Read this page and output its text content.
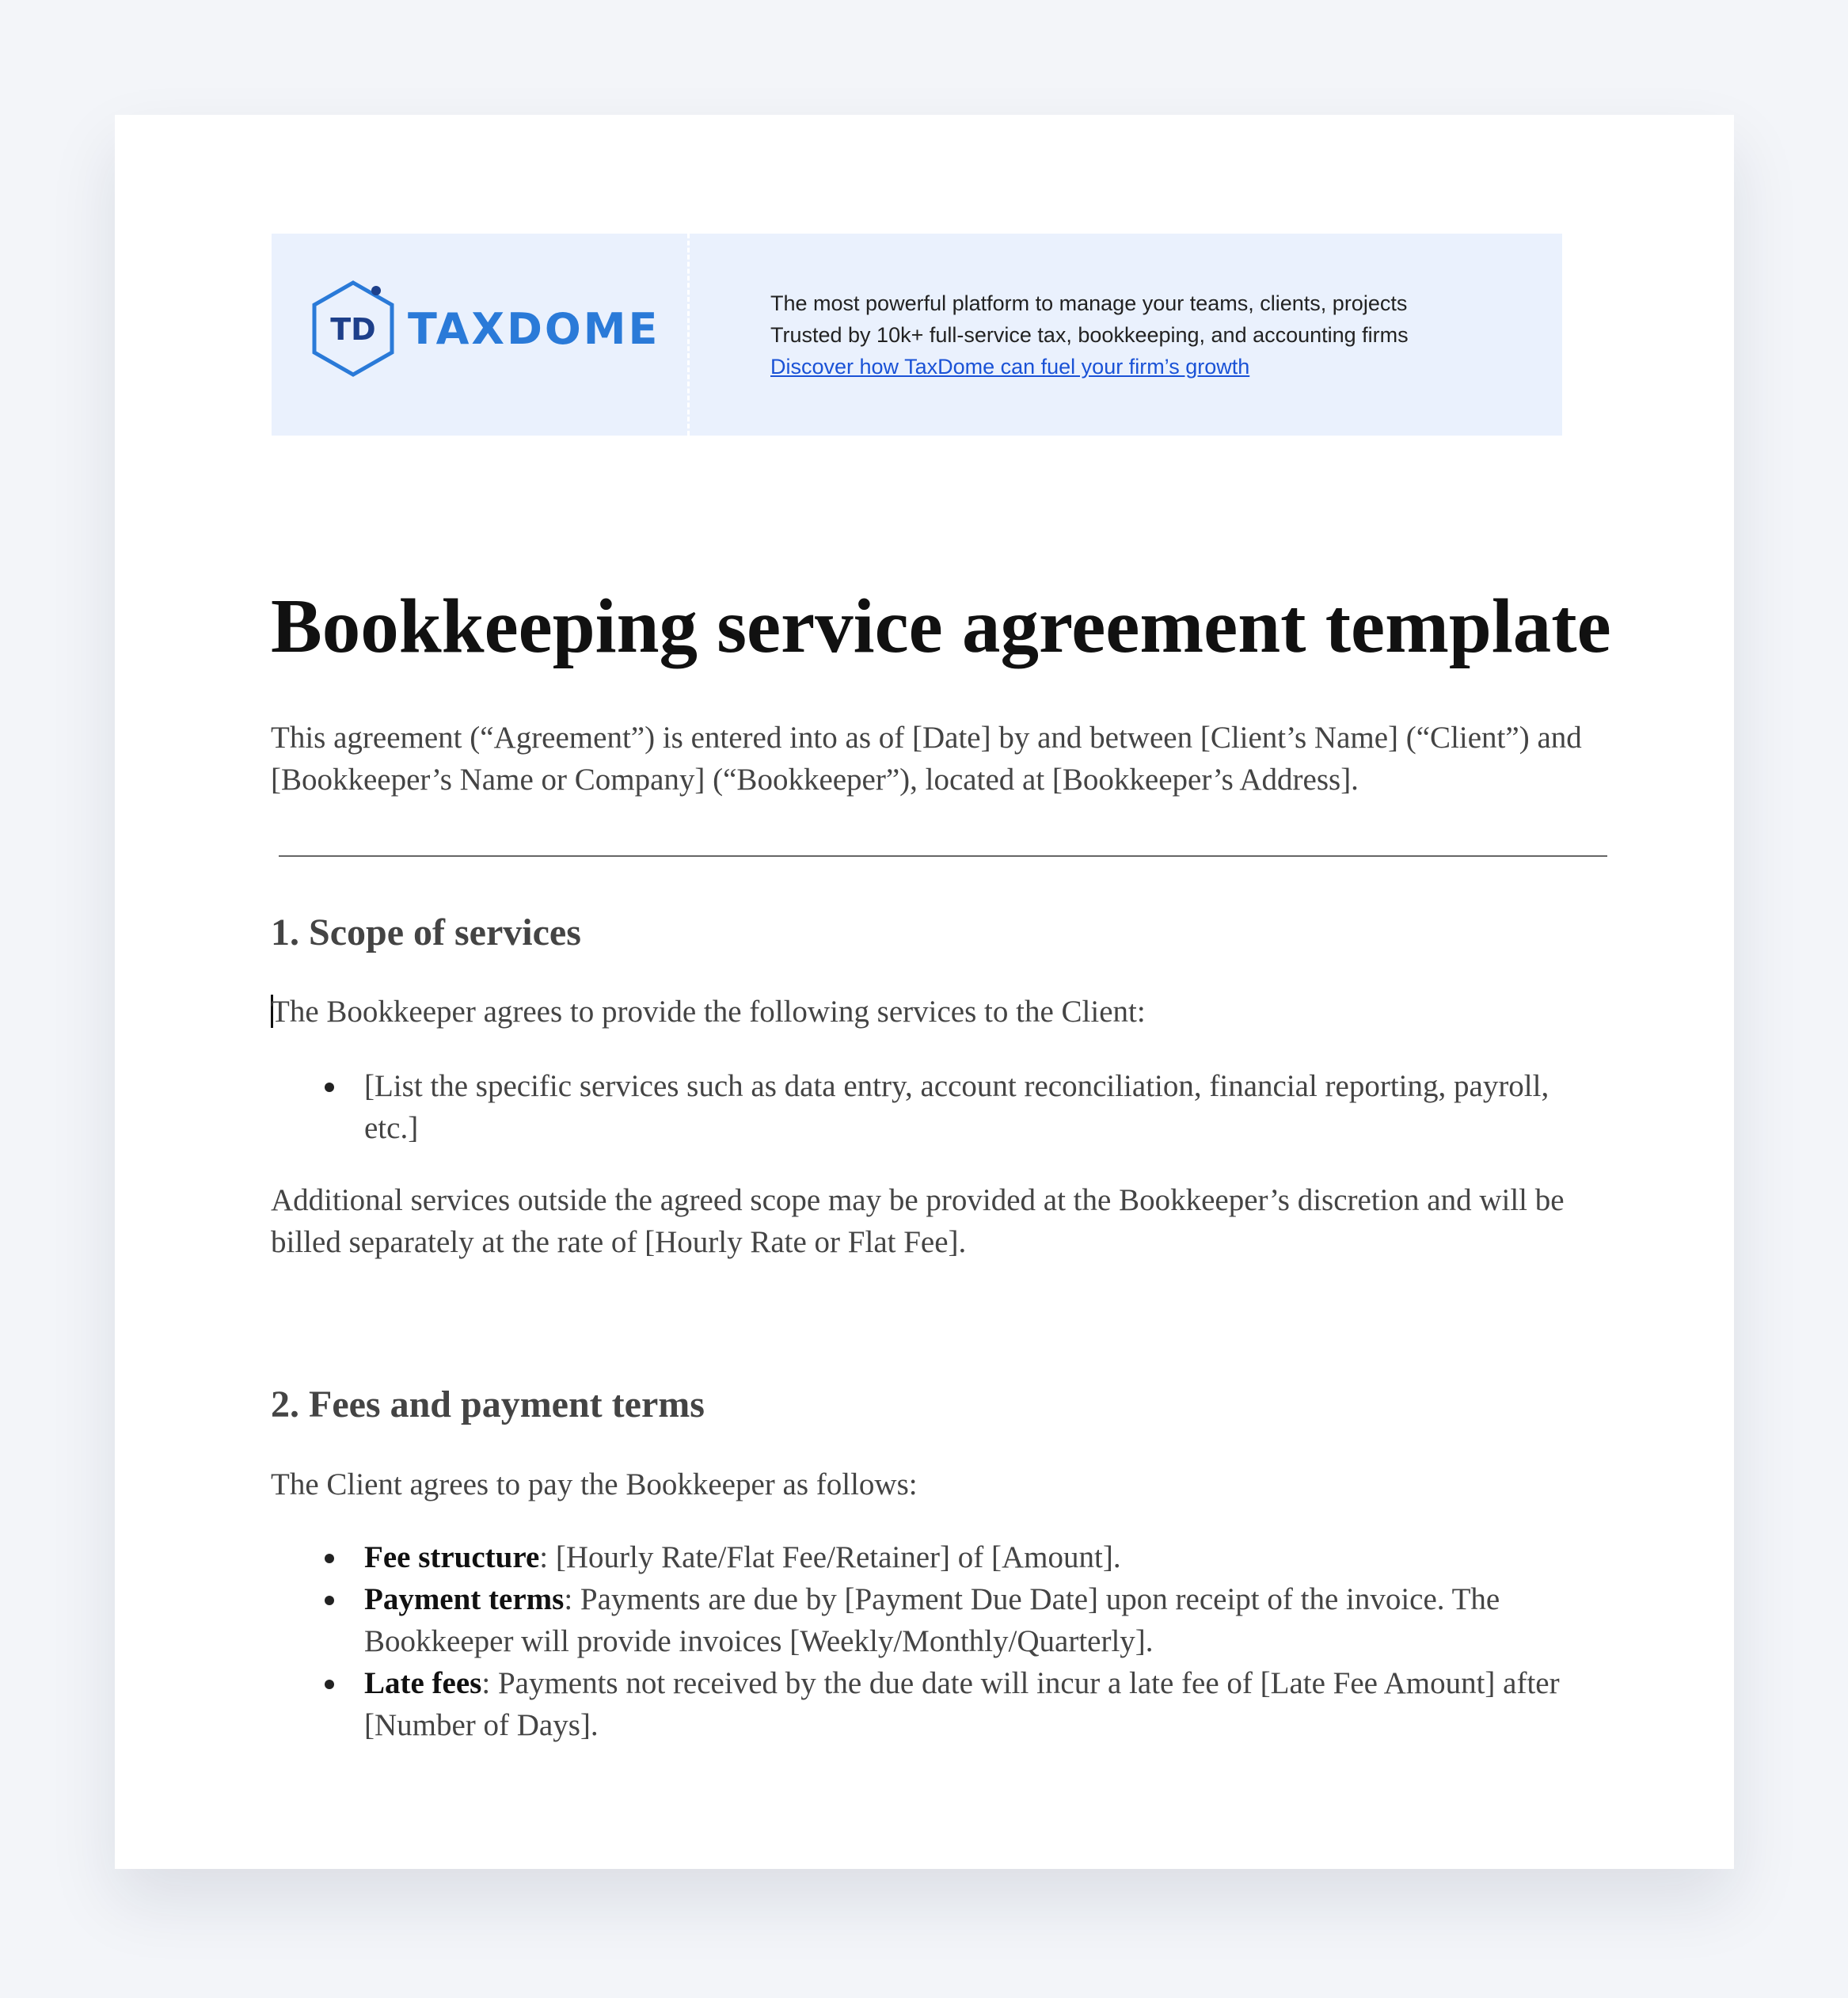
TD TAXDOME
The most powerful platform to manage your teams, clients, projects
Trusted by 10k+ full-service tax, bookkeeping, and accounting firms
Discover how TaxDome can fuel your firm’s growth
Bookkeeping service agreement template

This agreement (“Agreement”) is entered into as of [Date] by and between [Client’s Name] (“Client”) and [Bookkeeper’s Name or Company] (“Bookkeeper”), located at [Bookkeeper’s Address].

1. Scope of services

The Bookkeeper agrees to provide the following services to the Client:

[List the specific services such as data entry, account reconciliation, financial reporting, payroll, etc.]

Additional services outside the agreed scope may be provided at the Bookkeeper’s discretion and will be billed separately at the rate of [Hourly Rate or Flat Fee].

2. Fees and payment terms

The Client agrees to pay the Bookkeeper as follows:

Fee structure: [Hourly Rate/Flat Fee/Retainer] of [Amount].
Payment terms: Payments are due by [Payment Due Date] upon receipt of the invoice. The Bookkeeper will provide invoices [Weekly/Monthly/Quarterly].
Late fees: Payments not received by the due date will incur a late fee of [Late Fee Amount] after [Number of Days].
